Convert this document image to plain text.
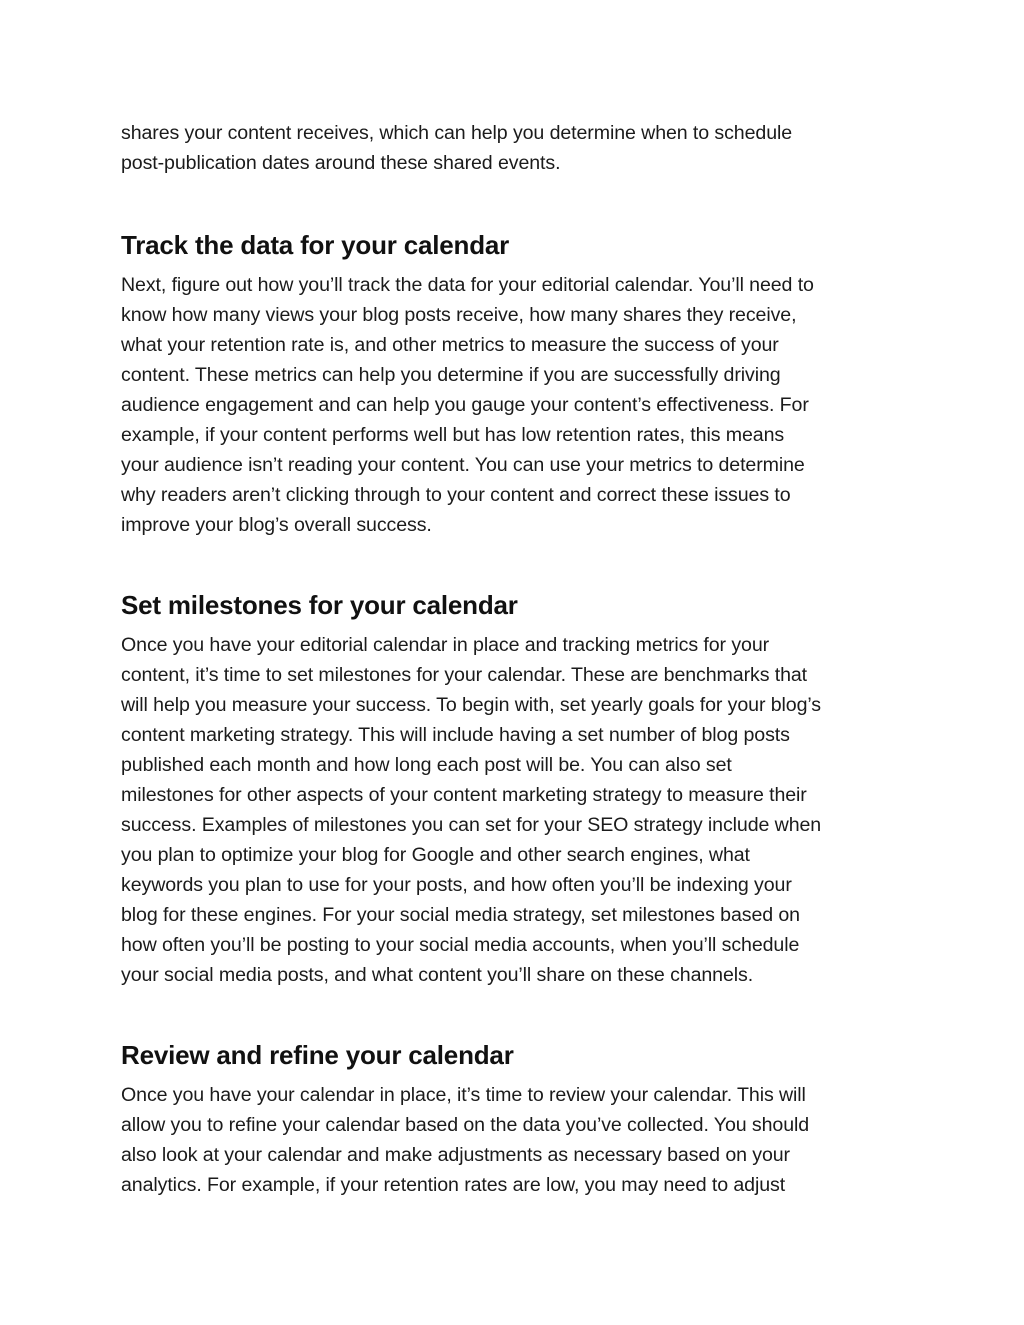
shares your content receives, which can help you determine when to schedule
post-publication dates around these shared events.

Track the data for your calendar

Next, figure out how you’ll track the data for your editorial calendar. You’ll need to
know how many views your blog posts receive, how many shares they receive,
what your retention rate is, and other metrics to measure the success of your
content. These metrics can help you determine if you are successfully driving
audience engagement and can help you gauge your content’s effectiveness. For
example, if your content performs well but has low retention rates, this means
your audience isn’t reading your content. You can use your metrics to determine
why readers aren’t clicking through to your content and correct these issues to
improve your blog’s overall success.

Set milestones for your calendar

Once you have your editorial calendar in place and tracking metrics for your
content, it’s time to set milestones for your calendar. These are benchmarks that
will help you measure your success. To begin with, set yearly goals for your blog’s
content marketing strategy. This will include having a set number of blog posts
published each month and how long each post will be. You can also set
milestones for other aspects of your content marketing strategy to measure their
success. Examples of milestones you can set for your SEO strategy include when
you plan to optimize your blog for Google and other search engines, what
keywords you plan to use for your posts, and how often you’ll be indexing your
blog for these engines. For your social media strategy, set milestones based on
how often you’ll be posting to your social media accounts, when you’ll schedule
your social media posts, and what content you’ll share on these channels.

Review and refine your calendar

Once you have your calendar in place, it’s time to review your calendar. This will
allow you to refine your calendar based on the data you’ve collected. You should
also look at your calendar and make adjustments as necessary based on your
analytics. For example, if your retention rates are low, you may need to adjust
